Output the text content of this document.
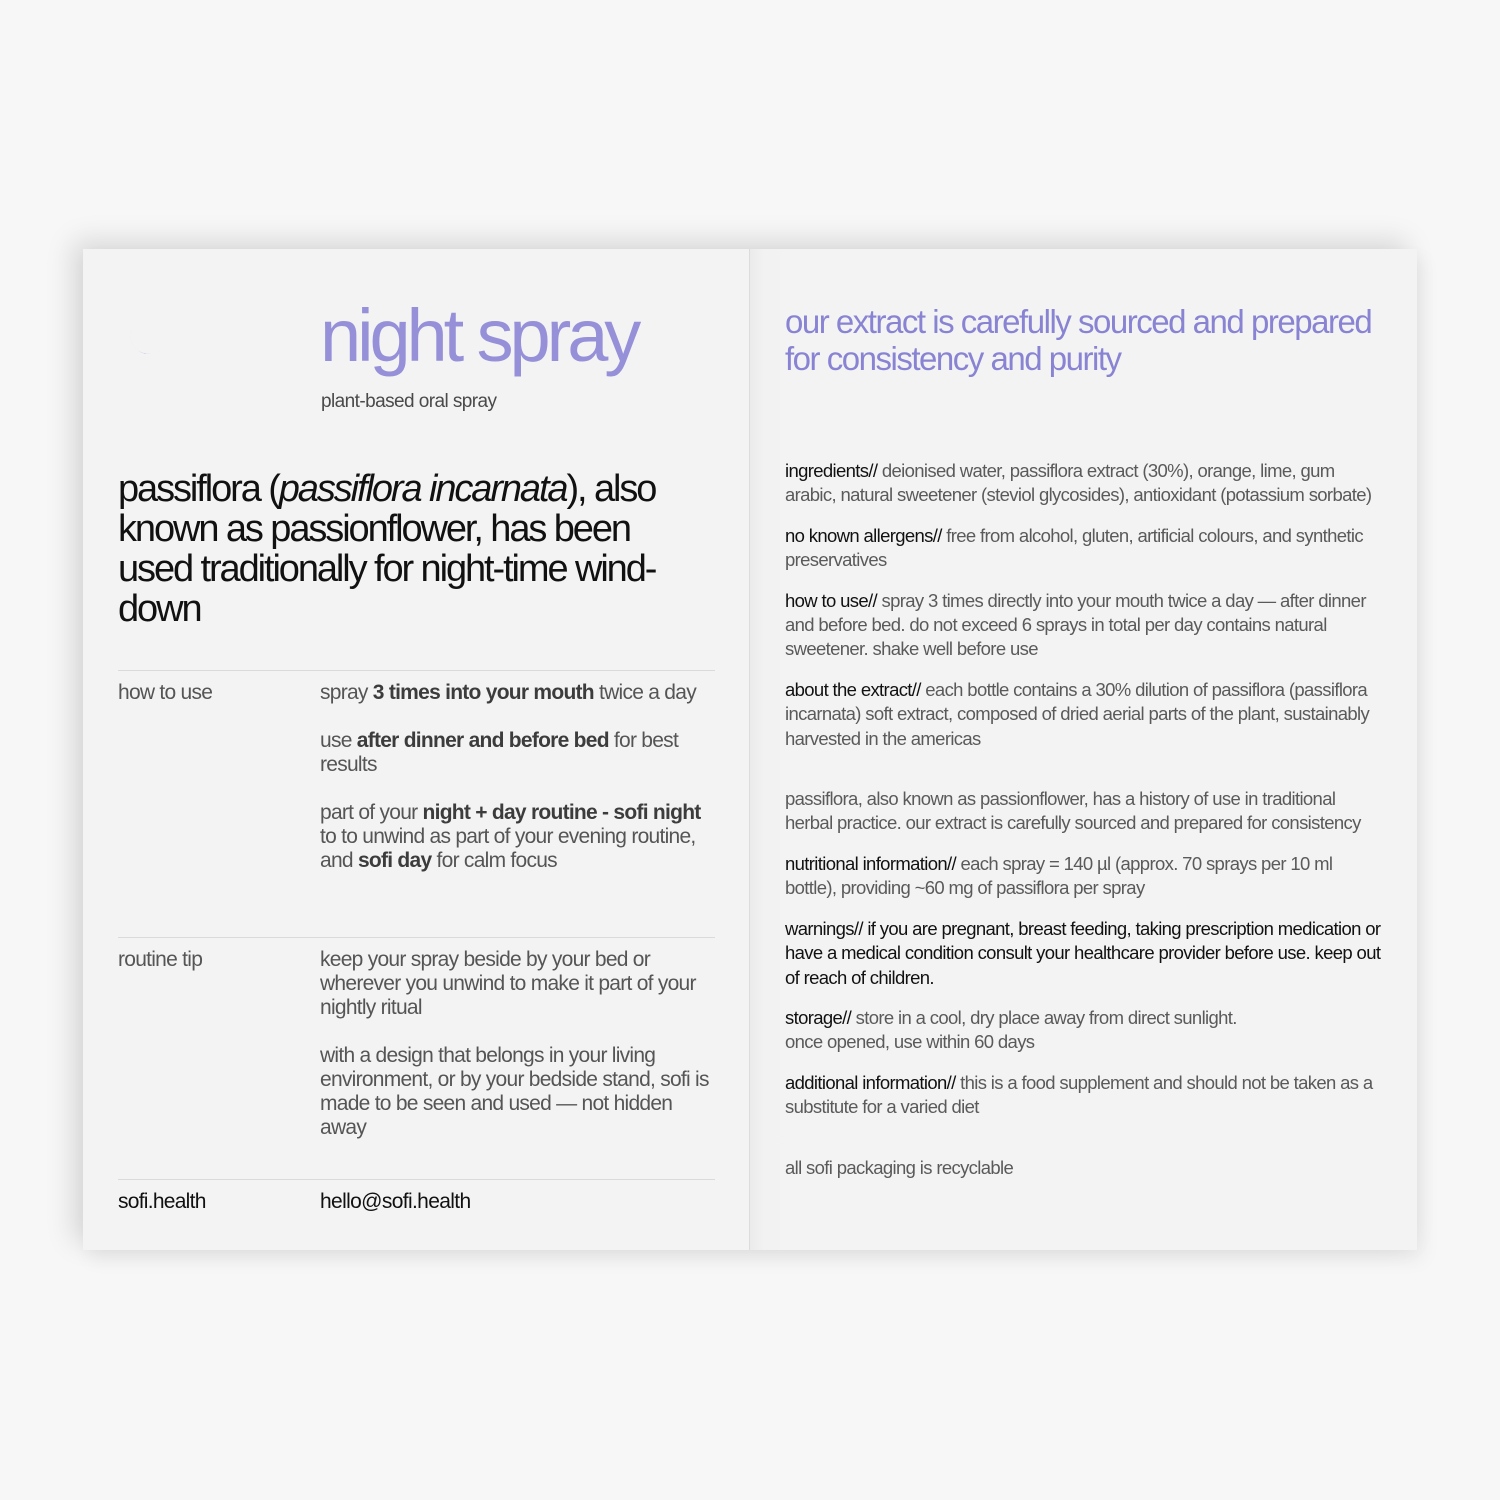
night spray
plant-based oral spray
passiflora (passiflora incarnata), also known as passionflower, has been used traditionally for night-time wind-down
how to use	spray 3 times into your mouth twice a day

use after dinner and before bed for best results

part of your night + day routine - sofi night to to unwind as part of your evening routine, and sofi day for calm focus

routine tip	keep your spray beside by your bed or wherever you unwind to make it part of your nightly ritual

with a design that belongs in your living environment, or by your bedside stand, sofi is made to be seen and used — not hidden away

sofi.health	hello@sofi.health
our extract is carefully sourced and prepared for consistency and purity

ingredients// deionised water, passiflora extract (30%), orange, lime, gum arabic, natural sweetener (steviol glycosides), antioxidant (potassium sorbate)

no known allergens// free from alcohol, gluten, artificial colours, and synthetic preservatives

how to use// spray 3 times directly into your mouth twice a day — after dinner and before bed. do not exceed 6 sprays in total per day contains natural sweetener. shake well before use

about the extract// each bottle contains a 30% dilution of passiflora (passiflora incarnata) soft extract, composed of dried aerial parts of the plant, sustainably harvested in the americas

passiflora, also known as passionflower, has a history of use in traditional herbal practice. our extract is carefully sourced and prepared for consistency

nutritional information// each spray = 140 µl (approx. 70 sprays per 10 ml bottle), providing ~60 mg of passiflora per spray

warnings// if you are pregnant, breast feeding, taking prescription medication or have a medical condition consult your healthcare provider before use. keep out of reach of children.

storage// store in a cool, dry place away from direct sunlight.
once opened, use within 60 days

additional information// this is a food supplement and should not be taken as a substitute for a varied diet

all sofi packaging is recyclable
